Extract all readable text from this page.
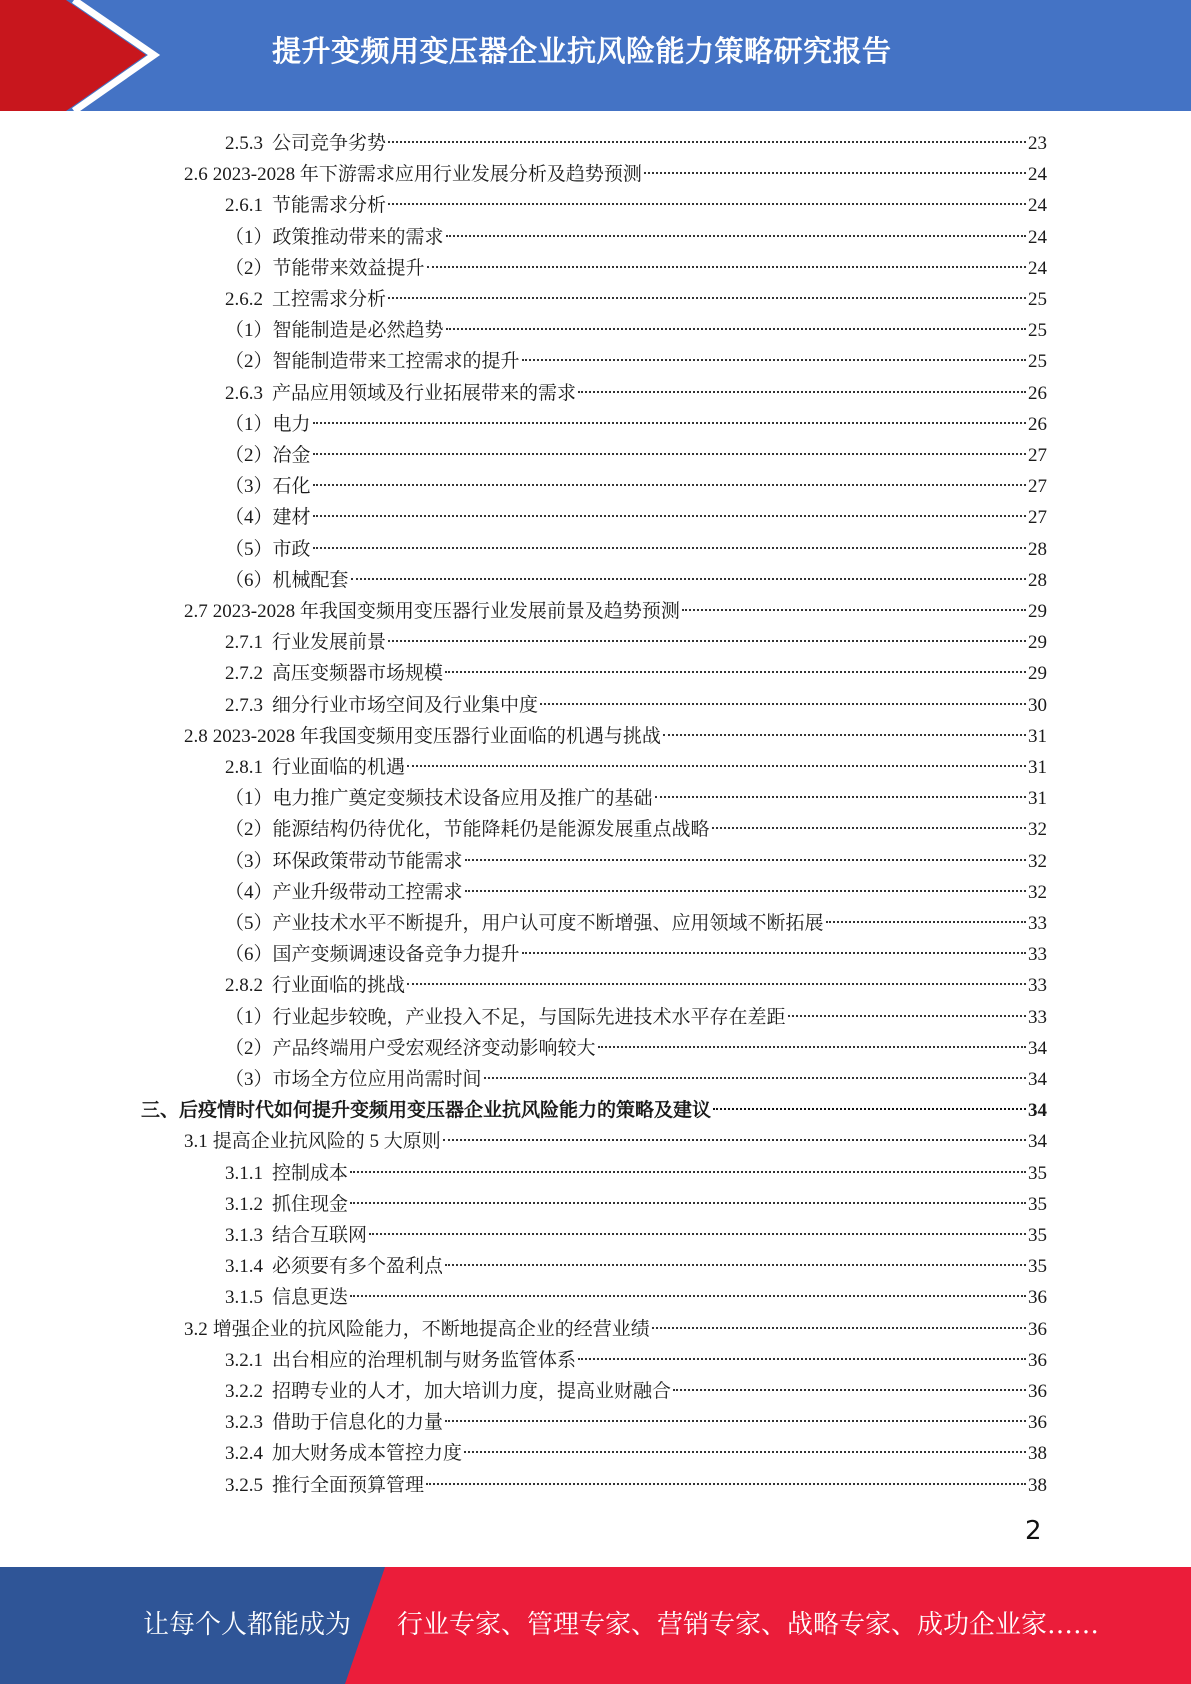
提升变频用变压器企业抗风险能力策略研究报告
2.5.3 公司竞争劣势	23
2.6 2023-2028 年下游需求应用行业发展分析及趋势预测	24
2.6.1 节能需求分析	24
（1） 政策推动带来的需求	24
（2） 节能带来效益提升	24
2.6.2 工控需求分析	25
（1） 智能制造是必然趋势	25
（2） 智能制造带来工控需求的提升	25
2.6.3 产品应用领域及行业拓展带来的需求	26
（1） 电力	26
（2） 冶金	27
（3） 石化	27
（4） 建材	27
（5） 市政	28
（6） 机械配套	28
2.7 2023-2028 年我国变频用变压器行业发展前景及趋势预测	29
2.7.1 行业发展前景	29
2.7.2 高压变频器市场规模	29
2.7.3 细分行业市场空间及行业集中度	30
2.8 2023-2028 年我国变频用变压器行业面临的机遇与挑战	31
2.8.1 行业面临的机遇	31
（1） 电力推广奠定变频技术设备应用及推广的基础	31
（2） 能源结构仍待优化，节能降耗仍是能源发展重点战略	32
（3） 环保政策带动节能需求	32
（4） 产业升级带动工控需求	32
（5） 产业技术水平不断提升，用户认可度不断增强、应用领域不断拓展	33
（6） 国产变频调速设备竞争力提升	33
2.8.2 行业面临的挑战	33
（1） 行业起步较晚，产业投入不足，与国际先进技术水平存在差距	33
（2） 产品终端用户受宏观经济变动影响较大	34
（3） 市场全方位应用尚需时间	34
三、 后疫情时代如何提升变频用变压器企业抗风险能力的策略及建议	34
3.1 提高企业抗风险的 5 大原则	34
3.1.1 控制成本	35
3.1.2 抓住现金	35
3.1.3 结合互联网	35
3.1.4 必须要有多个盈利点	35
3.1.5 信息更迭	36
3.2 增强企业的抗风险能力，不断地提高企业的经营业绩	36
3.2.1 出台相应的治理机制与财务监管体系	36
3.2.2 招聘专业的人才，加大培训力度，提高业财融合	36
3.2.3 借助于信息化的力量	36
3.2.4 加大财务成本管控力度	38
3.2.5 推行全面预算管理	38
2
让每个人都能成为 行业专家、管理专家、营销专家、战略专家、成功企业家……
